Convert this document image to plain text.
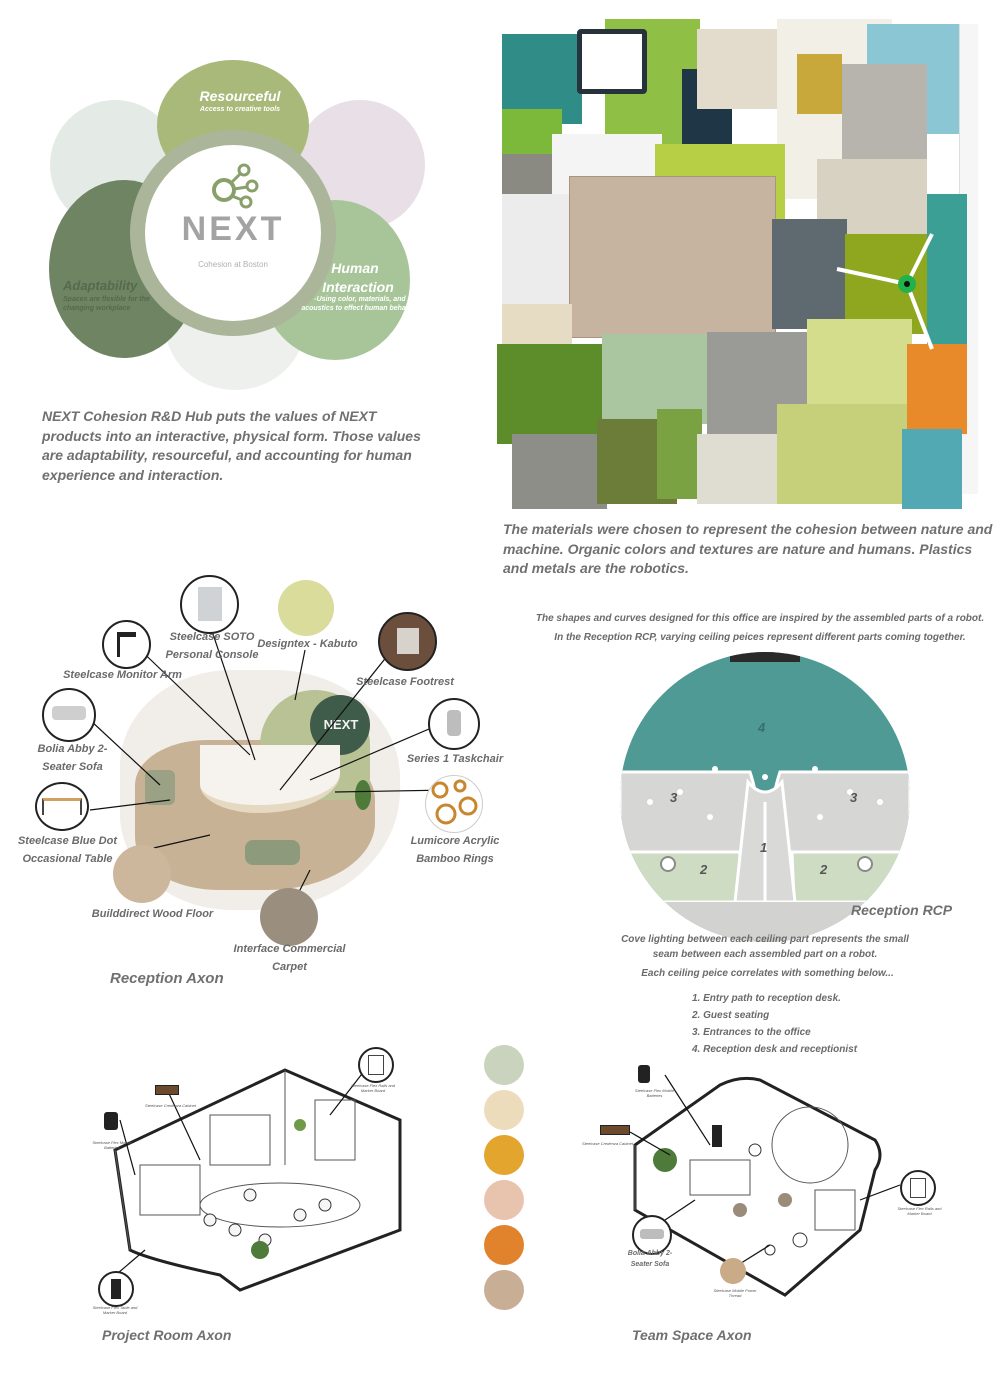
Resourceful
Access to creative tools
NEXT
Cohesion at Boston
Adaptability
Spaces are flexible for the changing workplace
Human
Interaction
-Using color, materials, and acoustics to effect human behavior
NEXT Cohesion R&D Hub puts the values of NEXT products into an interactive, physical form. Those values are adaptability, resourceful, and accounting for human experience and interaction.
The materials were chosen to represent the cohesion between nature and machine. Organic colors and textures are nature and humans. Plastics and metals are the robotics.
NEXT
Steelcase SOTO Personal Console
Designtex - Kabuto
Steelcase Monitor Arm
Steelcase Footrest
Bolia Abby 2-Seater Sofa
Series 1 Taskchair
Steelcase Blue Dot Occasional Table
Lumicore Acrylic Bamboo Rings
Builddirect Wood Floor
Interface Commercial Carpet
Reception Axon
The shapes and curves designed for this office are inspired by the assembled parts of a robot.
In the Reception RCP, varying ceiling peices represent different parts coming together.
4
3	3
1
2	2
Reception RCP
Cove lighting between each ceiling part represents the small seam between each assembled part on a robot.
Each ceiling peice correlates with something below...
1. Entry path to reception desk.
2. Guest seating
3. Entrances to the office
4. Reception desk and receptionist
Steelcase Flex Rails and Marker Board
Steelcase Credenza Cabinet
Steelcase Flex Mobile Batteries
Steelcase Flex Table and Marker Board
Project Room Axon
Steelcase Flex Mobile Batteries
Steelcase Credenza Cabinet
Steelcase Flex Rails and Marker Board
Bolia Abby 2-Seater Sofa
Steelcase Mobile Power Thread
Team Space Axon
